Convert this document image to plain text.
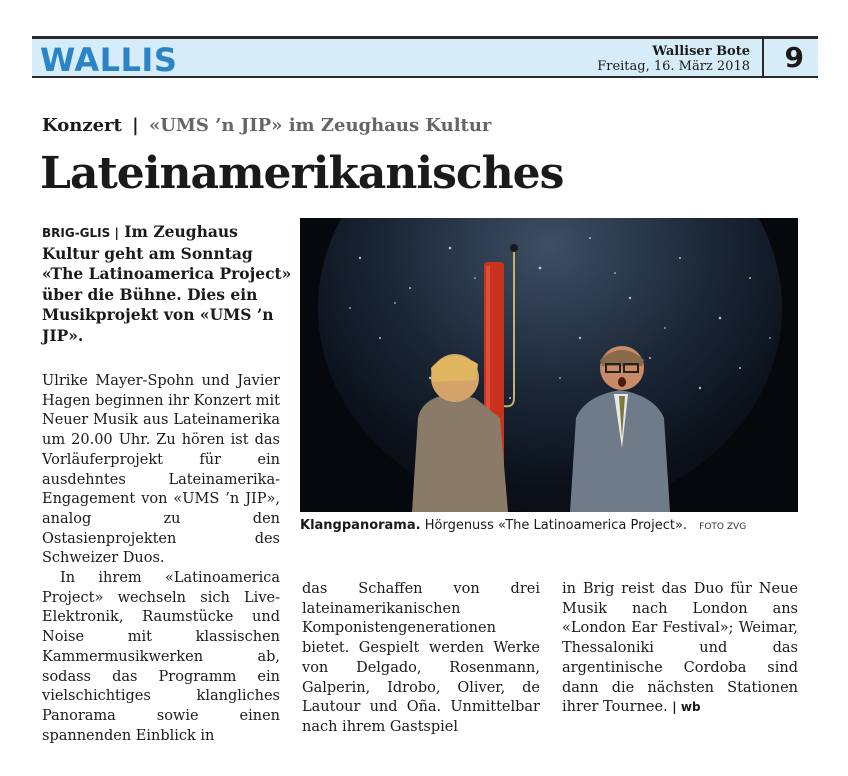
WALLIS	Walliser Bote
Freitag, 16. März 2018 9
Konzert | «UMS ’n JIP» im Zeughaus Kultur
Lateinamerikanisches
BRIG-GLIS | Im Zeughaus Kultur geht am Sonntag «The Latinoamerica Project» über die Bühne. Dies ein Musikprojekt von «UMS ’n JIP».

Ulrike Mayer-Spohn und Javier Hagen beginnen ihr Konzert mit Neuer Musik aus Lateinamerika um 20.00 Uhr. Zu hören ist das Vorläuferprojekt für ein ausdehntes Lateinamerika-Engagement von «UMS ’n JIP», analog zu den Ostasienprojekten des Schweizer Duos.

In ihrem «Latinoamerica Project» wechseln sich Live-Elektronik, Raumstücke und Noise mit klassischen Kammermusikwerken ab, sodass das Programm ein vielschichtiges klangliches Panorama sowie einen spannenden Einblick in

Klangpanorama. Hörgenuss «The Latinoamerica Project». FOTO ZVG

das Schaffen von drei lateinamerikanischen Komponistengenerationen bietet. Gespielt werden Werke von Delgado, Rosenmann, Galperin, Idrobo, Oliver, de Lautour und Oña. Unmittelbar nach ihrem Gastspiel

in Brig reist das Duo für Neue Musik nach London ans «London Ear Festival»; Weimar, Thessaloniki und das argentinische Cordoba sind dann die nächsten Stationen ihrer Tournee. | wb
